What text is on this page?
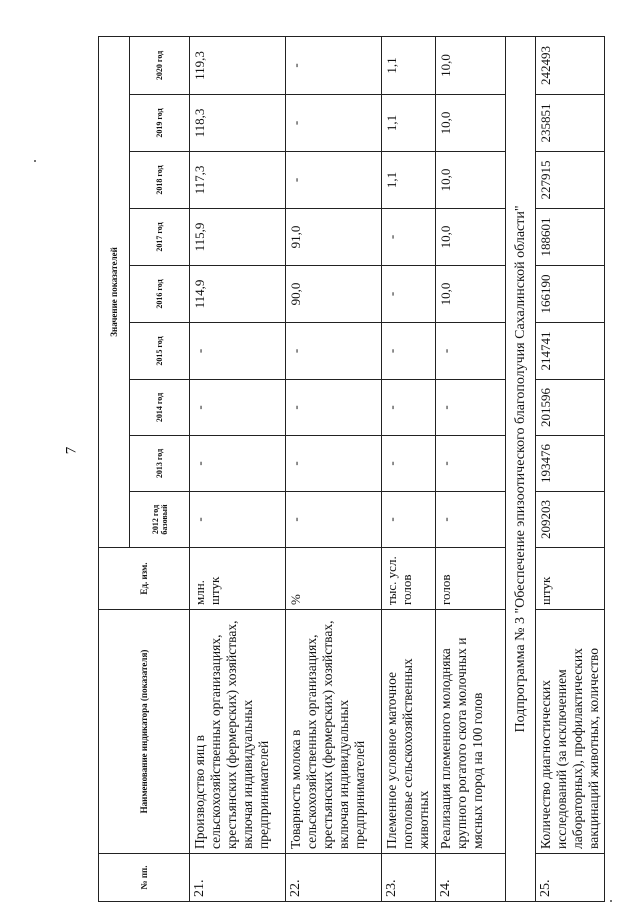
7
№ пп.	Наименование индикатора (показателя)	Ед. изм.	Значение показателей								
			2012 год базовый	2013 год	2014 год	2015 год	2016 год	2017 год	2018 год	2019 год	2020 год
21.	Производство яиц в сельскохозяйственных организациях, крестьянских (фермерских) хозяйствах, включая индивидуальных предпринимателей	млн. штук	-	-	-	-	114,9	115,9	117,3	118,3	119,3
22.	Товарность молока в сельскохозяйственных организациях, крестьянских (фермерских) хозяйствах, включая индивидуальных предпринимателей	%	-	-	-	-	90,0	91,0	-	-	-
23.	Племенное условное маточное поголовье сельскохозяйственных животных	тыс. усл. голов	-	-	-	-	-	-	1,1	1,1	1,1
24.	Реализация племенного молодняка крупного рогатого скота молочных и мясных пород на 100 голов	голов	-	-	-	-	10,0	10,0	10,0	10,0	10,0
Подпрограмма № 3 "Обеспечение эпизоотического благополучия Сахалинской области"											
25.	Количество диагностических исследований (за исключением лабораторных), профилактических вакцинаций животных, количество	штук	209203	193476	201596	214741	166190	188601	227915	235851	242493
